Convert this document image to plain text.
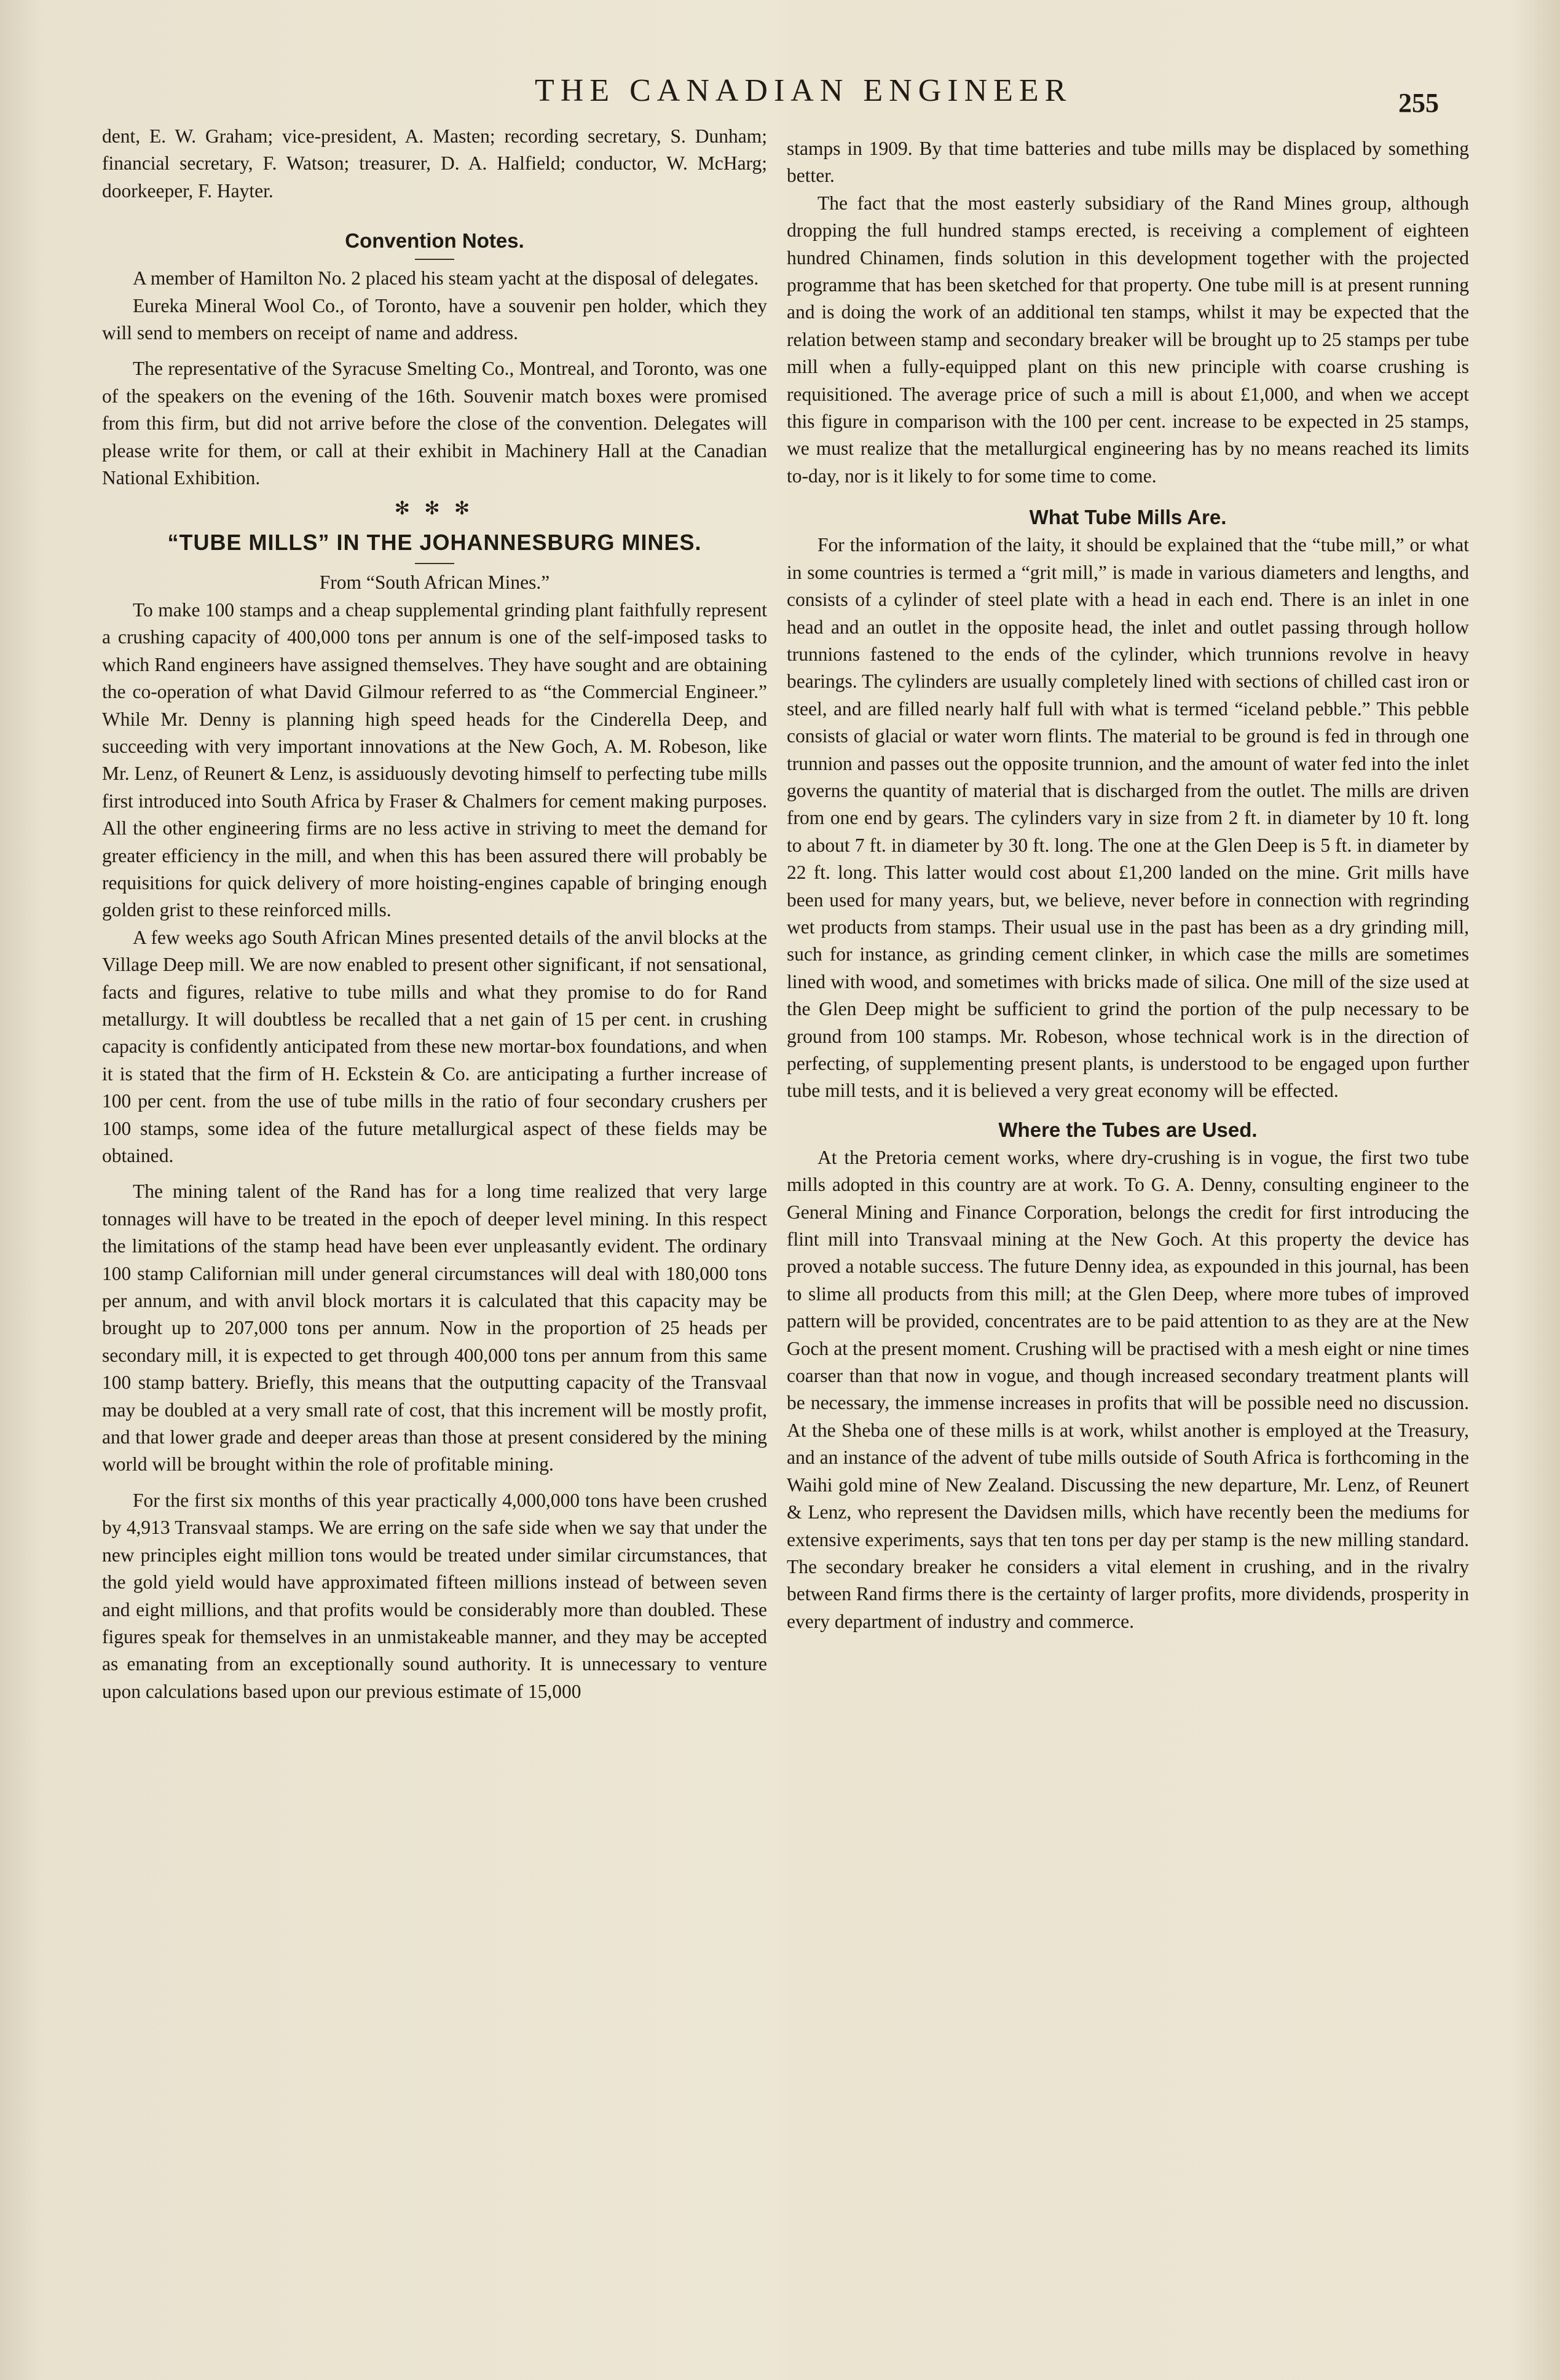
THE CANADIAN ENGINEER	255

dent, E. W. Graham; vice-president, A. Masten; recording secretary, S. Dunham; financial secretary, F. Watson; treasurer, D. A. Halfield; conductor, W. McHarg; doorkeeper, F. Hayter.

Convention Notes.

A member of Hamilton No. 2 placed his steam yacht at the disposal of delegates.

Eureka Mineral Wool Co., of Toronto, have a souvenir pen holder, which they will send to members on receipt of name and address.

The representative of the Syracuse Smelting Co., Montreal, and Toronto, was one of the speakers on the evening of the 16th. Souvenir match boxes were promised from this firm, but did not arrive before the close of the convention. Delegates will please write for them, or call at their exhibit in Machinery Hall at the Canadian National Exhibition.

✻ ✻ ✻
“TUBE MILLS” IN THE JOHANNESBURG MINES.

From “South African Mines.”

To make 100 stamps and a cheap supplemental grinding plant faithfully represent a crushing capacity of 400,000 tons per annum is one of the self-imposed tasks to which Rand engineers have assigned themselves. They have sought and are obtaining the co-operation of what David Gilmour referred to as “the Commercial Engineer.” While Mr. Denny is planning high speed heads for the Cinderella Deep, and succeeding with very important innovations at the New Goch, A. M. Robeson, like Mr. Lenz, of Reunert & Lenz, is assiduously devoting himself to perfecting tube mills first introduced into South Africa by Fraser & Chalmers for cement making purposes. All the other engineering firms are no less active in striving to meet the demand for greater efficiency in the mill, and when this has been assured there will probably be requisitions for quick delivery of more hoisting-engines capable of bringing enough golden grist to these reinforced mills.

A few weeks ago South African Mines presented details of the anvil blocks at the Village Deep mill. We are now enabled to present other significant, if not sensational, facts and figures, relative to tube mills and what they promise to do for Rand metallurgy. It will doubtless be recalled that a net gain of 15 per cent. in crushing capacity is confidently anticipated from these new mortar-box foundations, and when it is stated that the firm of H. Eckstein & Co. are anticipating a further increase of 100 per cent. from the use of tube mills in the ratio of four secondary crushers per 100 stamps, some idea of the future metallurgical aspect of these fields may be obtained.

The mining talent of the Rand has for a long time realized that very large tonnages will have to be treated in the epoch of deeper level mining. In this respect the limitations of the stamp head have been ever unpleasantly evident. The ordinary 100 stamp Californian mill under general circumstances will deal with 180,000 tons per annum, and with anvil block mortars it is calculated that this capacity may be brought up to 207,000 tons per annum. Now in the proportion of 25 heads per secondary mill, it is expected to get through 400,000 tons per annum from this same 100 stamp battery. Briefly, this means that the outputting capacity of the Transvaal may be doubled at a very small rate of cost, that this increment will be mostly profit, and that lower grade and deeper areas than those at present considered by the mining world will be brought within the role of profitable mining.

For the first six months of this year practically 4,000,000 tons have been crushed by 4,913 Transvaal stamps. We are erring on the safe side when we say that under the new principles eight million tons would be treated under similar circumstances, that the gold yield would have approximated fifteen millions instead of between seven and eight millions, and that profits would be considerably more than doubled. These figures speak for themselves in an unmistakeable manner, and they may be accepted as emanating from an exceptionally sound authority. It is unnecessary to venture upon calculations based upon our previous estimate of 15,000

stamps in 1909. By that time batteries and tube mills may be displaced by something better.

The fact that the most easterly subsidiary of the Rand Mines group, although dropping the full hundred stamps erected, is receiving a complement of eighteen hundred Chinamen, finds solution in this development together with the projected programme that has been sketched for that property. One tube mill is at present running and is doing the work of an additional ten stamps, whilst it may be expected that the relation between stamp and secondary breaker will be brought up to 25 stamps per tube mill when a fully-equipped plant on this new principle with coarse crushing is requisitioned. The average price of such a mill is about £1,000, and when we accept this figure in comparison with the 100 per cent. increase to be expected in 25 stamps, we must realize that the metallurgical engineering has by no means reached its limits to-day, nor is it likely to for some time to come.

What Tube Mills Are.

For the information of the laity, it should be explained that the “tube mill,” or what in some countries is termed a “grit mill,” is made in various diameters and lengths, and consists of a cylinder of steel plate with a head in each end. There is an inlet in one head and an outlet in the opposite head, the inlet and outlet passing through hollow trunnions fastened to the ends of the cylinder, which trunnions revolve in heavy bearings. The cylinders are usually completely lined with sections of chilled cast iron or steel, and are filled nearly half full with what is termed “iceland pebble.” This pebble consists of glacial or water worn flints. The material to be ground is fed in through one trunnion and passes out the opposite trunnion, and the amount of water fed into the inlet governs the quantity of material that is discharged from the outlet. The mills are driven from one end by gears. The cylinders vary in size from 2 ft. in diameter by 10 ft. long to about 7 ft. in diameter by 30 ft. long. The one at the Glen Deep is 5 ft. in diameter by 22 ft. long. This latter would cost about £1,200 landed on the mine. Grit mills have been used for many years, but, we believe, never before in connection with regrinding wet products from stamps. Their usual use in the past has been as a dry grinding mill, such for instance, as grinding cement clinker, in which case the mills are sometimes lined with wood, and sometimes with bricks made of silica. One mill of the size used at the Glen Deep might be sufficient to grind the portion of the pulp necessary to be ground from 100 stamps. Mr. Robeson, whose technical work is in the direction of perfecting, of supplementing present plants, is understood to be engaged upon further tube mill tests, and it is believed a very great economy will be effected.

Where the Tubes are Used.

At the Pretoria cement works, where dry-crushing is in vogue, the first two tube mills adopted in this country are at work. To G. A. Denny, consulting engineer to the General Mining and Finance Corporation, belongs the credit for first introducing the flint mill into Transvaal mining at the New Goch. At this property the device has proved a notable success. The future Denny idea, as expounded in this journal, has been to slime all products from this mill; at the Glen Deep, where more tubes of improved pattern will be provided, concentrates are to be paid attention to as they are at the New Goch at the present moment. Crushing will be practised with a mesh eight or nine times coarser than that now in vogue, and though increased secondary treatment plants will be necessary, the immense increases in profits that will be possible need no discussion. At the Sheba one of these mills is at work, whilst another is employed at the Treasury, and an instance of the advent of tube mills outside of South Africa is forthcoming in the Waihi gold mine of New Zealand. Discussing the new departure, Mr. Lenz, of Reunert & Lenz, who represent the Davidsen mills, which have recently been the mediums for extensive experiments, says that ten tons per day per stamp is the new milling standard. The secondary breaker he considers a vital element in crushing, and in the rivalry between Rand firms there is the certainty of larger profits, more dividends, prosperity in every department of industry and commerce.
